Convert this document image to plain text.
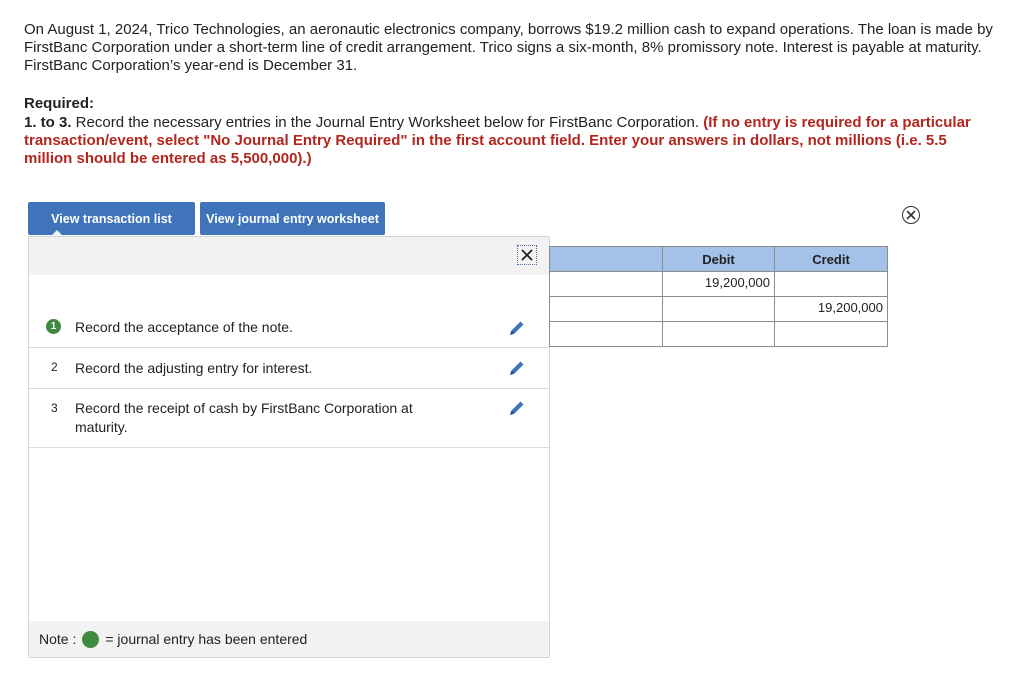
On August 1, 2024, Trico Technologies, an aeronautic electronics company, borrows $19.2 million cash to expand operations. The loan is made by FirstBanc Corporation under a short-term line of credit arrangement. Trico signs a six-month, 8% promissory note. Interest is payable at maturity. FirstBanc Corporation’s year-end is December 31.
Required:
1. to 3. Record the necessary entries in the Journal Entry Worksheet below for FirstBanc Corporation. (If no entry is required for a particular transaction/event, select "No Journal Entry Required" in the first account field. Enter your answers in dollars, not millions (i.e. 5.5 million should be entered as 5,500,000).)
View transaction list	View journal entry worksheet
1	Record the acceptance of the note.
2 Record the adjusting entry for interest.
3 Record the receipt of cash by FirstBanc Corporation at maturity.
Note : = journal entry has been entered
	Debit	Credit
	19,200,000	
		19,200,000
